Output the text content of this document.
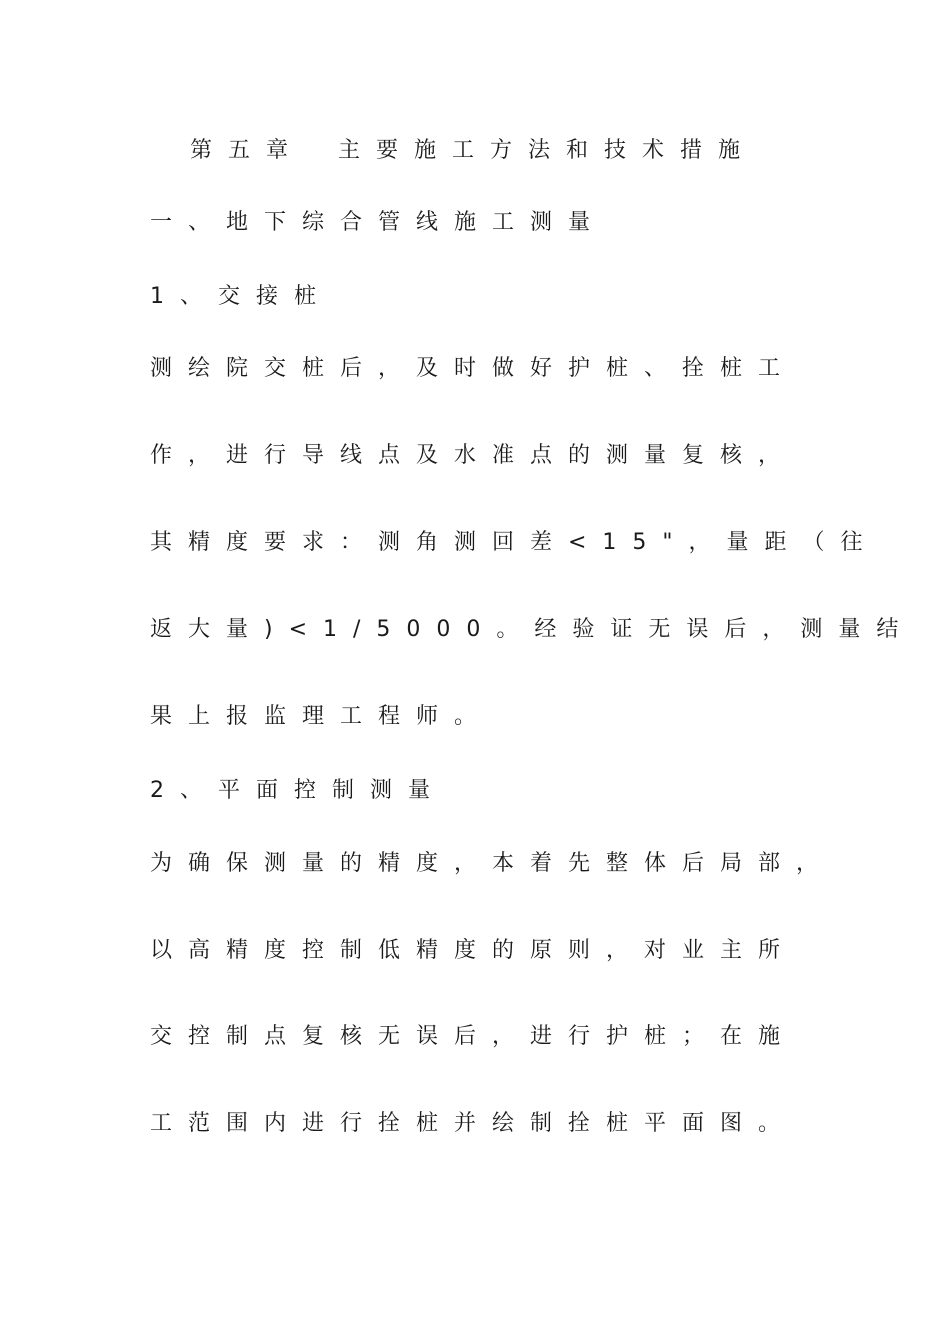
第五章 主要施工方法和技术措施
一、地下综合管线施工测量
1、交接桩
测绘院交桩后，及时做好护桩、拴桩工
作，进行导线点及水准点的测量复核，
其精度要求：测角测回差<15"，量距（往
返大量)<1/5000。经验证无误后，测量结
果上报监理工程师。
2、平面控制测量
为确保测量的精度，本着先整体后局部，
以高精度控制低精度的原则，对业主所
交控制点复核无误后，进行护桩；在施
工范围内进行拴桩并绘制拴桩平面图。
